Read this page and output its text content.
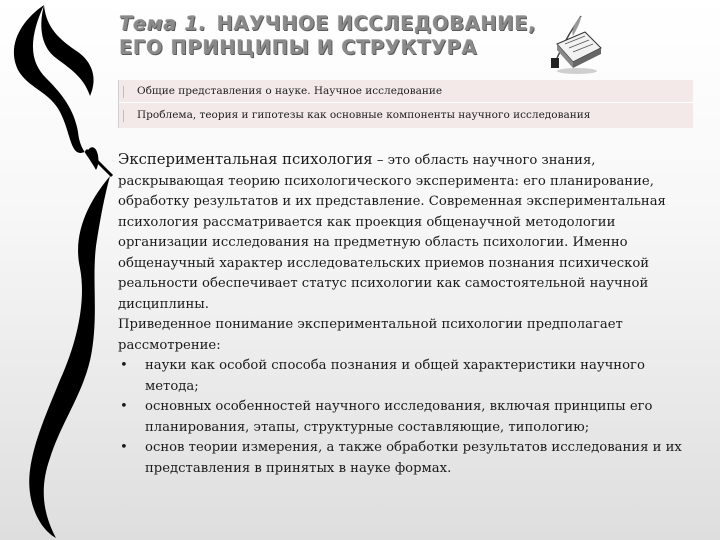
Тема 1. НАУЧНОЕ ИССЛЕДОВАНИЕ,
ЕГО ПРИНЦИПЫ И СТРУКТУРА
Общие представления о науке. Научное исследование
Проблема, теория и гипотезы как основные компоненты научного исследования

Экспериментальная психология – это область научного знания, раскрывающая теорию психологического эксперимента: его планирование, обработку результатов и их представление. Современная экспериментальная психология рассматривается как проекция общенаучной методологии организации исследования на предметную область психологии. Именно общенаучный характер исследовательских приемов познания психической реальности обеспечивает статус психологии как самостоятельной научной дисциплины.

Приведенное понимание экспериментальной психологии предполагает рассмотрение:

• науки как особой способа познания и общей характеристики научного метода;
• основных особенностей научного исследования, включая принципы его планирования, этапы, структурные составляющие, типологию;
• основ теории измерения, а также обработки результатов исследования и их представления в принятых в науке формах.
